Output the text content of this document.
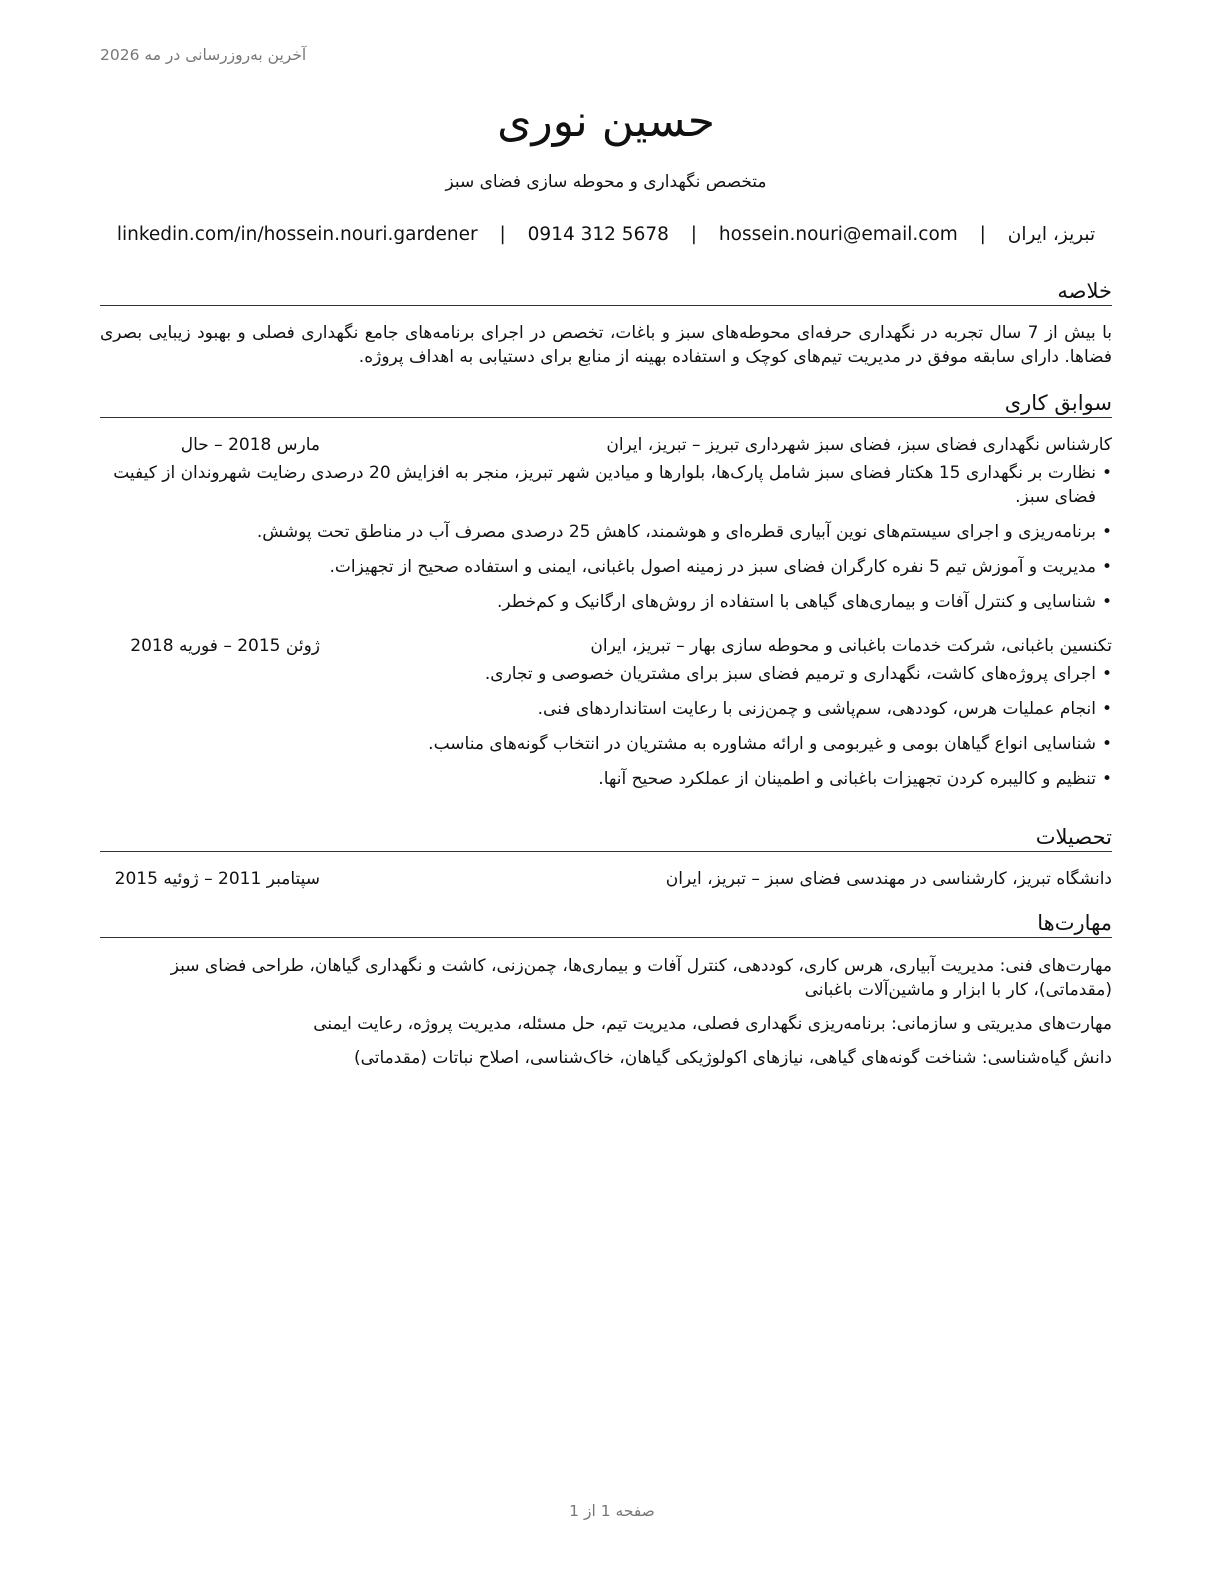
آخرین به‌روزرسانی در مه 2026
حسین نوری
متخصص نگهداری و محوطه سازی فضای سبز
تبریز، ایران | hossein.nouri@email.com | 0914 312 5678 | linkedin.com/in/hossein.nouri.gardener
خلاصه
با بیش از 7 سال تجربه در نگهداری حرفه‌ای محوطه‌های سبز و باغات، تخصص در اجرای برنامه‌های جامع نگهداری فصلی و بهبود زیبایی بصری فضاها. دارای سابقه موفق در مدیریت تیم‌های کوچک و استفاده بهینه از منابع برای دستیابی به اهداف پروژه.
سوابق کاری
کارشناس نگهداری فضای سبز، فضای سبز شهرداری تبریز – تبریز، ایران
مارس 2018 – حال
• نظارت بر نگهداری 15 هکتار فضای سبز شامل پارک‌ها، بلوارها و میادین شهر تبریز، منجر به افزایش 20 درصدی رضایت شهروندان از کیفیت فضای سبز.
• برنامه‌ریزی و اجرای سیستم‌های نوین آبیاری قطره‌ای و هوشمند، کاهش 25 درصدی مصرف آب در مناطق تحت پوشش.
• مدیریت و آموزش تیم 5 نفره کارگران فضای سبز در زمینه اصول باغبانی، ایمنی و استفاده صحیح از تجهیزات.
• شناسایی و کنترل آفات و بیماری‌های گیاهی با استفاده از روش‌های ارگانیک و کم‌خطر.
تکنسین باغبانی، شرکت خدمات باغبانی و محوطه سازی بهار – تبریز، ایران
ژوئن 2015 – فوریه 2018
• اجرای پروژه‌های کاشت، نگهداری و ترمیم فضای سبز برای مشتریان خصوصی و تجاری.
• انجام عملیات هرس، کوددهی، سم‌پاشی و چمن‌زنی با رعایت استانداردهای فنی.
• شناسایی انواع گیاهان بومی و غیربومی و ارائه مشاوره به مشتریان در انتخاب گونه‌های مناسب.
• تنظیم و کالیبره کردن تجهیزات باغبانی و اطمینان از عملکرد صحیح آنها.
تحصیلات
دانشگاه تبریز، کارشناسی در مهندسی فضای سبز – تبریز، ایران
سپتامبر 2011 – ژوئیه 2015
مهارت‌ها
مهارت‌های فنی: مدیریت آبیاری، هرس کاری، کوددهی، کنترل آفات و بیماری‌ها، چمن‌زنی، کاشت و نگهداری گیاهان، طراحی فضای سبز (مقدماتی)، کار با ابزار و ماشین‌آلات باغبانی
مهارت‌های مدیریتی و سازمانی: برنامه‌ریزی نگهداری فصلی، مدیریت تیم، حل مسئله، مدیریت پروژه، رعایت ایمنی
دانش گیاه‌شناسی: شناخت گونه‌های گیاهی، نیازهای اکولوژیکی گیاهان، خاک‌شناسی، اصلاح نباتات (مقدماتی)
صفحه 1 از 1
